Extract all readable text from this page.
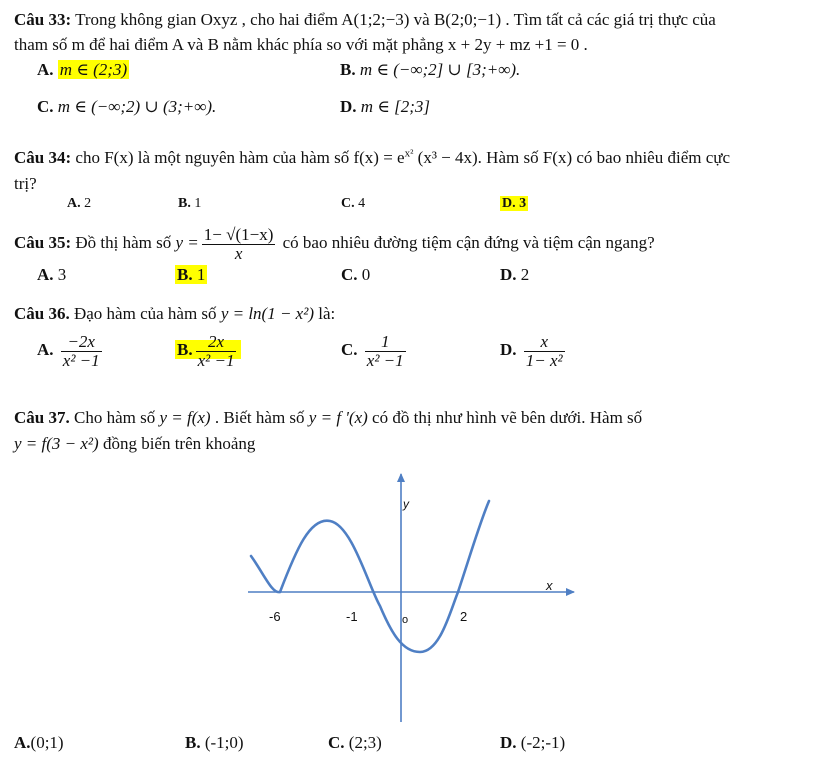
Câu 33: Trong không gian Oxyz , cho hai điểm A(1;2;−3) và B(2;0;−1) . Tìm tất cả các giá trị thực của
tham số m để hai điểm A và B nằm khác phía so với mặt phẳng x + 2y + mz +1 = 0 .
A. m ∈ (2;3)	B. m ∈ (−∞;2] ∪ [3;+∞).
C. m ∈ (−∞;2) ∪ (3;+∞).	D. m ∈ [2;3]
Câu 34: cho F(x) là một nguyên hàm của hàm số $f(x) = e^{x^2}$ (x³ − 4x). Hàm số F(x) có bao nhiêu điểm cực
trị?
A. 2	B. 1	C. 4	D. 3
Câu 35: Đồ thị hàm số $y = \frac{1- √(1-x)}{x}$ có bao nhiêu đường tiệm cận đứng và tiệm cận ngang?
A. 3	B. 1	C. 0	D. 2
Câu 36. Đạo hàm của hàm số y = ln(1 − x²) là:
A. $\frac{-2x}{\text{x² −1}}$	B. $\frac{2x}{\text{x² −1}}$	C. $\frac{1}{\text{x² −1}}$	D. $\frac{x}{\text{1− x²}}$
Câu 37. Cho hàm số y = f(x) . Biết hàm số y = f '(x) có đồ thị như hình vẽ bên dưới. Hàm số
y = f(3 − x²) đồng biến trên khoảng
y
x
-6	-1	o	2
A.(0;1)	B. (-1;0)	C. (2;3)	D. (-2;-1)
